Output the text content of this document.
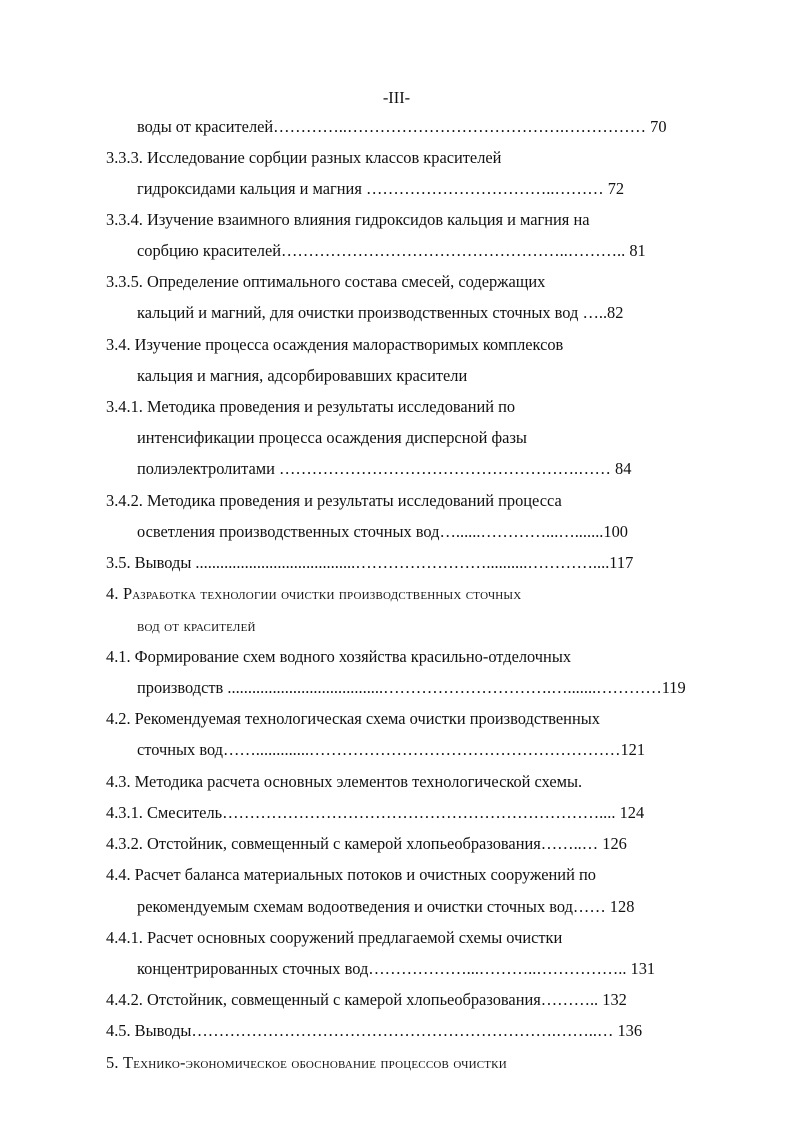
-III-
воды от красителей…………..………………………………….…………… 70
3.3.3. Исследование сорбции разных классов красителей
гидроксидами кальция и магния ……………………………..……… 72
3.3.4. Изучение взаимного влияния гидроксидов кальция и магния на
сорбцию красителей……………………………………………..……….. 81
3.3.5. Определение оптимального состава смесей, содержащих
кальций и магний, для очистки производственных сточных вод …..82
3.4. Изучение процесса осаждения малорастворимых комплексов
кальция и магния, адсорбировавших красители
3.4.1. Методика проведения и результаты исследований по
интенсификации процесса осаждения дисперсной фазы
полиэлектролитами ……………………………………………….…… 84
3.4.2. Методика проведения и результаты исследований процесса
осветления производственных сточных вод…......…………...….......100
3.5. Выводы .......................................……………………..........…………....117
4. Разработка технологии очистки производственных сточных
вод от красителей
4.1. Формирование схем водного хозяйства красильно-отделочных
производств ......................................………………………….….......…………119
4.2. Рекомендуемая технологическая схема очистки производственных
сточных вод…….............…………………………………………………121
4.3. Методика расчета основных элементов технологической схемы.
4.3.1. Смеситель…………………………………………………………….... 124
4.3.2. Отстойник, совмещенный с камерой хлопьеобразования……..… 126
4.4. Расчет баланса материальных потоков и очистных сооружений по
рекомендуемым схемам водоотведения и очистки сточных вод…… 128
4.4.1. Расчет основных сооружений предлагаемой схемы очистки
концентрированных сточных вод………………...………..…………….. 131
4.4.2. Отстойник, совмещенный с камерой хлопьеобразования……….. 132
4.5. Выводы………………………………………………………….……..… 136
5. Технико-экономическое обоснование процессов очистки
